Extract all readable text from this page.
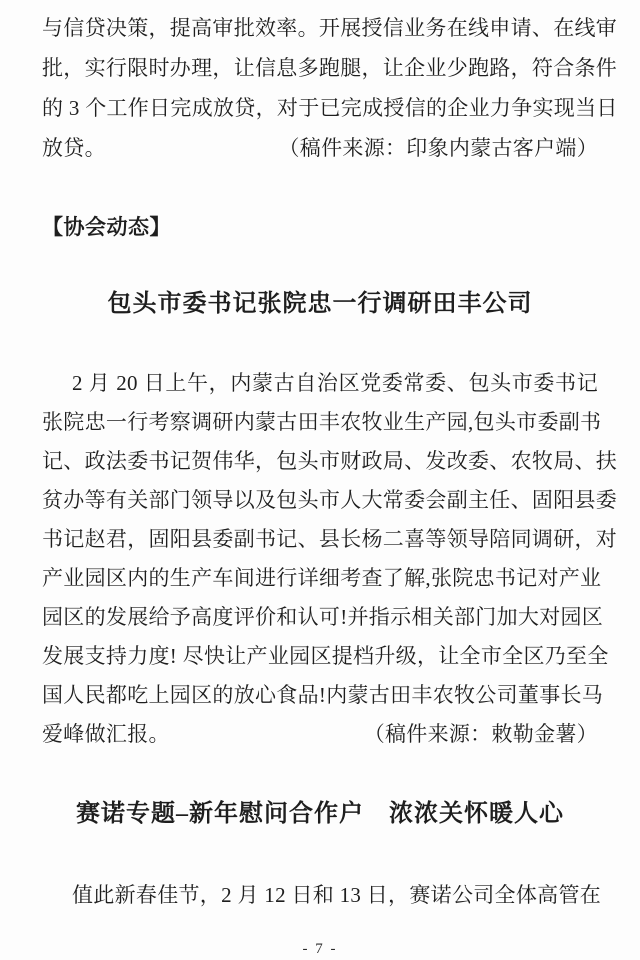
与信贷决策，提高审批效率。开展授信业务在线申请、在线审
批，实行限时办理，让信息多跑腿，让企业少跑路，符合条件
的 3 个工作日完成放贷，对于已完成授信的企业力争实现当日
放贷。	（稿件来源：印象内蒙古客户端）
【协会动态】
包头市委书记张院忠一行调研田丰公司
2 月 20 日上午，内蒙古自治区党委常委、包头市委书记
张院忠一行考察调研内蒙古田丰农牧业生产园,包头市委副书
记、政法委书记贺伟华，包头市财政局、发改委、农牧局、扶
贫办等有关部门领导以及包头市人大常委会副主任、固阳县委
书记赵君，固阳县委副书记、县长杨二喜等领导陪同调研，对
产业园区内的生产车间进行详细考查了解,张院忠书记对产业
园区的发展给予高度评价和认可!并指示相关部门加大对园区
发展支持力度! 尽快让产业园区提档升级，让全市全区乃至全
国人民都吃上园区的放心食品!内蒙古田丰农牧公司董事长马
爱峰做汇报。	（稿件来源：敕勒金薯）
赛诺专题–新年慰问合作户　浓浓关怀暖人心
值此新春佳节，2 月 12 日和 13 日，赛诺公司全体高管在
- 7 -
